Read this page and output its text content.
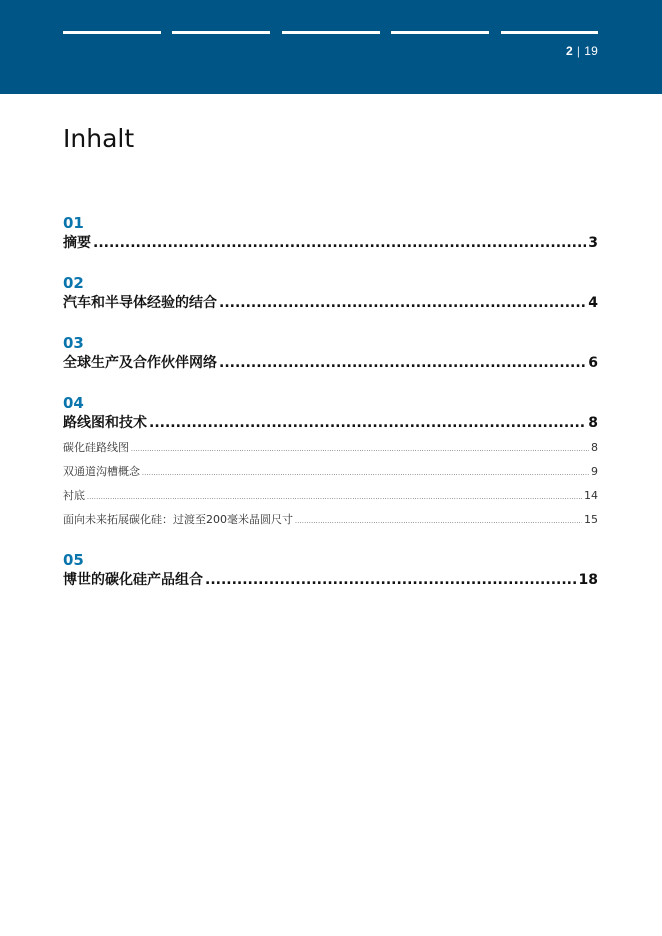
2 | 19
Inhalt
01
摘要 .....	3
02
汽车和半导体经验的结合 .....	4
03
全球生产及合作伙伴网络 .....	6
04
路线图和技术 .....	8
碳化硅路线图 .....	8
双通道沟槽概念 .....	9
衬底 .....	14
面向未来拓展碳化硅：过渡至200毫米晶圆尺寸 .....	15
05
博世的碳化硅产品组合 .....	18
